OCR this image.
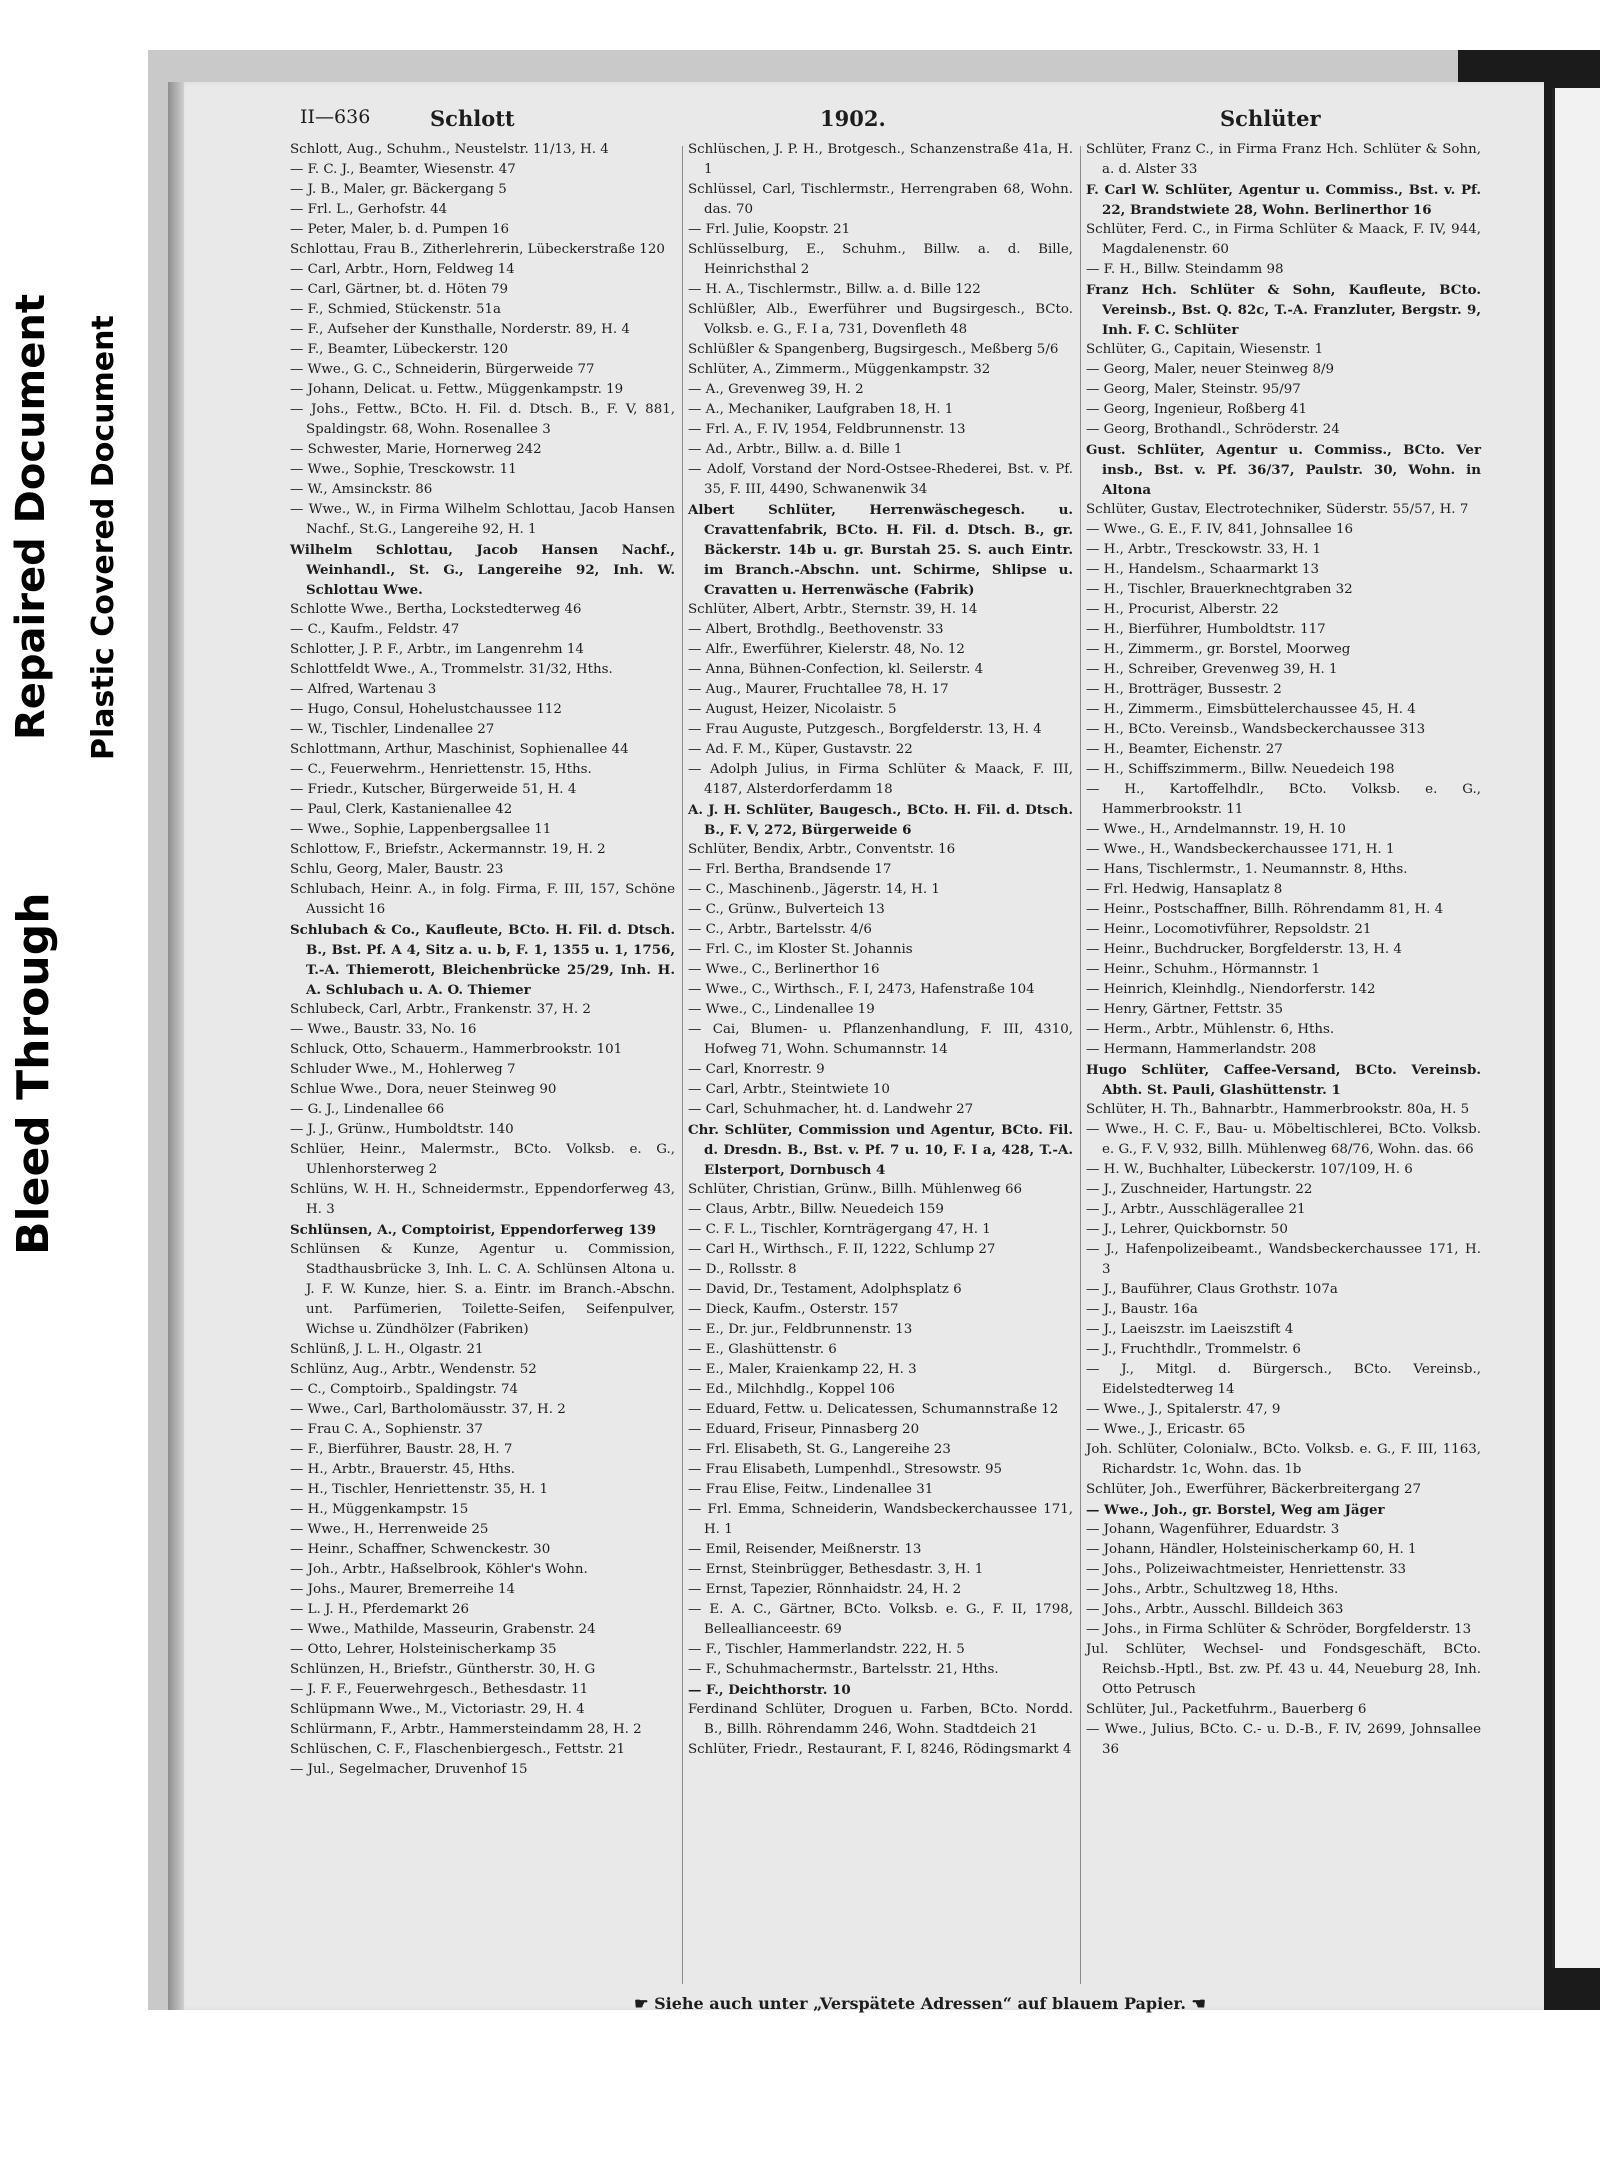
Bleed Through
Repaired Document Plastic Covered Document
II—636	Schlott	1902.	Schlüter

Schlott, Aug., Schuhm., Neustelstr. 11/13, H. 4

— F. C. J., Beamter, Wiesenstr. 47

— J. B., Maler, gr. Bäckergang 5

— Frl. L., Gerhofstr. 44

— Peter, Maler, b. d. Pumpen 16

Schlottau, Frau B., Zitherlehrerin, Lübeckerstraße 120

— Carl, Arbtr., Horn, Feldweg 14

— Carl, Gärtner, bt. d. Höten 79

— F., Schmied, Stückenstr. 51a

— F., Aufseher der Kunsthalle, Norderstr. 89, H. 4

— F., Beamter, Lübeckerstr. 120

— Wwe., G. C., Schneiderin, Bürgerweide 77

— Johann, Delicat. u. Fettw., Müggenkampstr. 19

— Johs., Fettw., BCto. H. Fil. d. Dtsch. B., F. V, 881, Spaldingstr. 68, Wohn. Rosenallee 3

— Schwester, Marie, Hornerweg 242

— Wwe., Sophie, Tresckowstr. 11

— W., Amsinckstr. 86

— Wwe., W., in Firma Wilhelm Schlottau, Jacob Hansen Nachf., St.G., Langereihe 92, H. 1

Wilhelm Schlottau, Jacob Hansen Nachf., Weinhandl., St. G., Langereihe 92, Inh. W. Schlottau Wwe.

Schlotte Wwe., Bertha, Lockstedterweg 46

— C., Kaufm., Feldstr. 47

Schlotter, J. P. F., Arbtr., im Langenrehm 14

Schlottfeldt Wwe., A., Trommelstr. 31/32, Hths.

— Alfred, Wartenau 3

— Hugo, Consul, Hohelustchaussee 112

— W., Tischler, Lindenallee 27

Schlottmann, Arthur, Maschinist, Sophienallee 44

— C., Feuerwehrm., Henriettenstr. 15, Hths.

— Friedr., Kutscher, Bürgerweide 51, H. 4

— Paul, Clerk, Kastanienallee 42

— Wwe., Sophie, Lappenbergsallee 11

Schlottow, F., Briefstr., Ackermannstr. 19, H. 2

Schlu, Georg, Maler, Baustr. 23

Schlubach, Heinr. A., in folg. Firma, F. III, 157, Schöne Aussicht 16

Schlubach & Co., Kaufleute, BCto. H. Fil. d. Dtsch. B., Bst. Pf. A 4, Sitz a. u. b, F. 1, 1355 u. 1, 1756, T.-A. Thiemerott, Bleichenbrücke 25/29, Inh. H. A. Schlubach u. A. O. Thiemer

Schlubeck, Carl, Arbtr., Frankenstr. 37, H. 2

— Wwe., Baustr. 33, No. 16

Schluck, Otto, Schauerm., Hammerbrookstr. 101

Schluder Wwe., M., Hohlerweg 7

Schlue Wwe., Dora, neuer Steinweg 90

— G. J., Lindenallee 66

— J. J., Grünw., Humboldtstr. 140

Schlüer, Heinr., Malermstr., BCto. Volksb. e. G., Uhlenhorsterweg 2

Schlüns, W. H. H., Schneidermstr., Eppendorferweg 43, H. 3

Schlünsen, A., Comptoirist, Eppendorferweg 139

Schlünsen & Kunze, Agentur u. Commission, Stadthausbrücke 3, Inh. L. C. A. Schlünsen Altona u. J. F. W. Kunze, hier. S. a. Eintr. im Branch.-Abschn. unt. Parfümerien, Toilette-Seifen, Seifenpulver, Wichse u. Zündhölzer (Fabriken)

Schlünß, J. L. H., Olgastr. 21

Schlünz, Aug., Arbtr., Wendenstr. 52

— C., Comptoirb., Spaldingstr. 74

— Wwe., Carl, Bartholomäusstr. 37, H. 2

— Frau C. A., Sophienstr. 37

— F., Bierführer, Baustr. 28, H. 7

— H., Arbtr., Brauerstr. 45, Hths.

— H., Tischler, Henriettenstr. 35, H. 1

— H., Müggenkampstr. 15

— Wwe., H., Herrenweide 25

— Heinr., Schaffner, Schwenckestr. 30

— Joh., Arbtr., Haßselbrook, Köhler's Wohn.

— Johs., Maurer, Bremerreihe 14

— L. J. H., Pferdemarkt 26

— Wwe., Mathilde, Masseurin, Grabenstr. 24

— Otto, Lehrer, Holsteinischerkamp 35

Schlünzen, H., Briefstr., Güntherstr. 30, H. G

— J. F. F., Feuerwehrgesch., Bethesdastr. 11

Schlüpmann Wwe., M., Victoriastr. 29, H. 4

Schlürmann, F., Arbtr., Hammersteindamm 28, H. 2

Schlüschen, C. F., Flaschenbiergesch., Fettstr. 21

— Jul., Segelmacher, Druvenhof 15

Schlüschen, J. P. H., Brotgesch., Schanzenstraße 41a, H. 1

Schlüssel, Carl, Tischlermstr., Herrengraben 68, Wohn. das. 70

— Frl. Julie, Koopstr. 21

Schlüsselburg, E., Schuhm., Billw. a. d. Bille, Heinrichsthal 2

— H. A., Tischlermstr., Billw. a. d. Bille 122

Schlüßler, Alb., Ewerführer und Bugsirgesch., BCto. Volksb. e. G., F. I a, 731, Dovenfleth 48

Schlüßler & Spangenberg, Bugsirgesch., Meßberg 5/6

Schlüter, A., Zimmerm., Müggenkampstr. 32

— A., Grevenweg 39, H. 2

— A., Mechaniker, Laufgraben 18, H. 1

— Frl. A., F. IV, 1954, Feldbrunnenstr. 13

— Ad., Arbtr., Billw. a. d. Bille 1

— Adolf, Vorstand der Nord-Ostsee-Rhederei, Bst. v. Pf. 35, F. III, 4490, Schwanenwik 34

Albert Schlüter, Herrenwäschegesch. u. Cravattenfabrik, BCto. H. Fil. d. Dtsch. B., gr. Bäckerstr. 14b u. gr. Burstah 25. S. auch Eintr. im Branch.-Abschn. unt. Schirme, Shlipse u. Cravatten u. Herrenwäsche (Fabrik)

Schlüter, Albert, Arbtr., Sternstr. 39, H. 14

— Albert, Brothdlg., Beethovenstr. 33

— Alfr., Ewerführer, Kielerstr. 48, No. 12

— Anna, Bühnen-Confection, kl. Seilerstr. 4

— Aug., Maurer, Fruchtallee 78, H. 17

— August, Heizer, Nicolaistr. 5

— Frau Auguste, Putzgesch., Borgfelderstr. 13, H. 4

— Ad. F. M., Küper, Gustavstr. 22

— Adolph Julius, in Firma Schlüter & Maack, F. III, 4187, Alsterdorferdamm 18

A. J. H. Schlüter, Baugesch., BCto. H. Fil. d. Dtsch. B., F. V, 272, Bürgerweide 6

Schlüter, Bendix, Arbtr., Conventstr. 16

— Frl. Bertha, Brandsende 17

— C., Maschinenb., Jägerstr. 14, H. 1

— C., Grünw., Bulverteich 13

— C., Arbtr., Bartelsstr. 4/6

— Frl. C., im Kloster St. Johannis

— Wwe., C., Berlinerthor 16

— Wwe., C., Wirthsch., F. I, 2473, Hafenstraße 104

— Wwe., C., Lindenallee 19

— Cai, Blumen- u. Pflanzenhandlung, F. III, 4310, Hofweg 71, Wohn. Schumannstr. 14

— Carl, Knorrestr. 9

— Carl, Arbtr., Steintwiete 10

— Carl, Schuhmacher, ht. d. Landwehr 27

Chr. Schlüter, Commission und Agentur, BCto. Fil. d. Dresdn. B., Bst. v. Pf. 7 u. 10, F. I a, 428, T.-A. Elsterport, Dornbusch 4

Schlüter, Christian, Grünw., Billh. Mühlenweg 66

— Claus, Arbtr., Billw. Neuedeich 159

— C. F. L., Tischler, Kornträgergang 47, H. 1

— Carl H., Wirthsch., F. II, 1222, Schlump 27

— D., Rollsstr. 8

— David, Dr., Testament, Adolphsplatz 6

— Dieck, Kaufm., Osterstr. 157

— E., Dr. jur., Feldbrunnenstr. 13

— E., Glashüttenstr. 6

— E., Maler, Kraienkamp 22, H. 3

— Ed., Milchhdlg., Koppel 106

— Eduard, Fettw. u. Delicatessen, Schumannstraße 12

— Eduard, Friseur, Pinnasberg 20

— Frl. Elisabeth, St. G., Langereihe 23

— Frau Elisabeth, Lumpenhdl., Stresowstr. 95

— Frau Elise, Feitw., Lindenallee 31

— Frl. Emma, Schneiderin, Wandsbeckerchaussee 171, H. 1

— Emil, Reisender, Meißnerstr. 13

— Ernst, Steinbrügger, Bethesdastr. 3, H. 1

— Ernst, Tapezier, Rönnhaidstr. 24, H. 2

— E. A. C., Gärtner, BCto. Volksb. e. G., F. II, 1798, Belleallianceestr. 69

— F., Tischler, Hammerlandstr. 222, H. 5

— F., Schuhmachermstr., Bartelsstr. 21, Hths.

— F., Deichthorstr. 10

Ferdinand Schlüter, Droguen u. Farben, BCto. Nordd. B., Billh. Röhrendamm 246, Wohn. Stadtdeich 21

Schlüter, Friedr., Restaurant, F. I, 8246, Rödingsmarkt 4

Schlüter, Franz C., in Firma Franz Hch. Schlüter & Sohn, a. d. Alster 33

F. Carl W. Schlüter, Agentur u. Commiss., Bst. v. Pf. 22, Brandstwiete 28, Wohn. Berlinerthor 16

Schlüter, Ferd. C., in Firma Schlüter & Maack, F. IV, 944, Magdalenenstr. 60

— F. H., Billw. Steindamm 98

Franz Hch. Schlüter & Sohn, Kaufleute, BCto. Vereinsb., Bst. Q. 82c, T.-A. Franzluter, Bergstr. 9, Inh. F. C. Schlüter

Schlüter, G., Capitain, Wiesenstr. 1

— Georg, Maler, neuer Steinweg 8/9

— Georg, Maler, Steinstr. 95/97

— Georg, Ingenieur, Roßberg 41

— Georg, Brothandl., Schröderstr. 24

Gust. Schlüter, Agentur u. Commiss., BCto. Ver insb., Bst. v. Pf. 36/37, Paulstr. 30, Wohn. in Altona

Schlüter, Gustav, Electrotechniker, Süderstr. 55/57, H. 7

— Wwe., G. E., F. IV, 841, Johnsallee 16

— H., Arbtr., Tresckowstr. 33, H. 1

— H., Handelsm., Schaarmarkt 13

— H., Tischler, Brauerknechtgraben 32

— H., Procurist, Alberstr. 22

— H., Bierführer, Humboldtstr. 117

— H., Zimmerm., gr. Borstel, Moorweg

— H., Schreiber, Grevenweg 39, H. 1

— H., Brotträger, Bussestr. 2

— H., Zimmerm., Eimsbüttelerchaussee 45, H. 4

— H., BCto. Vereinsb., Wandsbeckerchaussee 313

— H., Beamter, Eichenstr. 27

— H., Schiffszimmerm., Billw. Neuedeich 198

— H., Kartoffelhdlr., BCto. Volksb. e. G., Hammerbrookstr. 11

— Wwe., H., Arndelmannstr. 19, H. 10

— Wwe., H., Wandsbeckerchaussee 171, H. 1

— Hans, Tischlermstr., 1. Neumannstr. 8, Hths.

— Frl. Hedwig, Hansaplatz 8

— Heinr., Postschaffner, Billh. Röhrendamm 81, H. 4

— Heinr., Locomotivführer, Repsoldstr. 21

— Heinr., Buchdrucker, Borgfelderstr. 13, H. 4

— Heinr., Schuhm., Hörmannstr. 1

— Heinrich, Kleinhdlg., Niendorferstr. 142

— Henry, Gärtner, Fettstr. 35

— Herm., Arbtr., Mühlenstr. 6, Hths.

— Hermann, Hammerlandstr. 208

Hugo Schlüter, Caffee-Versand, BCto. Vereinsb. Abth. St. Pauli, Glashüttenstr. 1

Schlüter, H. Th., Bahnarbtr., Hammerbrookstr. 80a, H. 5

— Wwe., H. C. F., Bau- u. Möbeltischlerei, BCto. Volksb. e. G., F. V, 932, Billh. Mühlenweg 68/76, Wohn. das. 66

— H. W., Buchhalter, Lübeckerstr. 107/109, H. 6

— J., Zuschneider, Hartungstr. 22

— J., Arbtr., Ausschlägerallee 21

— J., Lehrer, Quickbornstr. 50

— J., Hafenpolizeibeamt., Wandsbeckerchaussee 171, H. 3

— J., Bauführer, Claus Grothstr. 107a

— J., Baustr. 16a

— J., Laeiszstr. im Laeiszstift 4

— J., Fruchthdlr., Trommelstr. 6

— J., Mitgl. d. Bürgersch., BCto. Vereinsb., Eidelstedterweg 14

— Wwe., J., Spitalerstr. 47, 9

— Wwe., J., Ericastr. 65

Joh. Schlüter, Colonialw., BCto. Volksb. e. G., F. III, 1163, Richardstr. 1c, Wohn. das. 1b

Schlüter, Joh., Ewerführer, Bäckerbreitergang 27

— Wwe., Joh., gr. Borstel, Weg am Jäger

— Johann, Wagenführer, Eduardstr. 3

— Johann, Händler, Holsteinischerkamp 60, H. 1

— Johs., Polizeiwachtmeister, Henriettenstr. 33

— Johs., Arbtr., Schultzweg 18, Hths.

— Johs., Arbtr., Ausschl. Billdeich 363

— Johs., in Firma Schlüter & Schröder, Borgfelderstr. 13

Jul. Schlüter, Wechsel- und Fondsgeschäft, BCto. Reichsb.-Hptl., Bst. zw. Pf. 43 u. 44, Neueburg 28, Inh. Otto Petrusch

Schlüter, Jul., Packetfuhrm., Bauerberg 6

— Wwe., Julius, BCto. C.- u. D.-B., F. IV, 2699, Johnsallee 36

☛ Siehe auch unter „Verspätete Adressen“ auf blauem Papier. ☚
